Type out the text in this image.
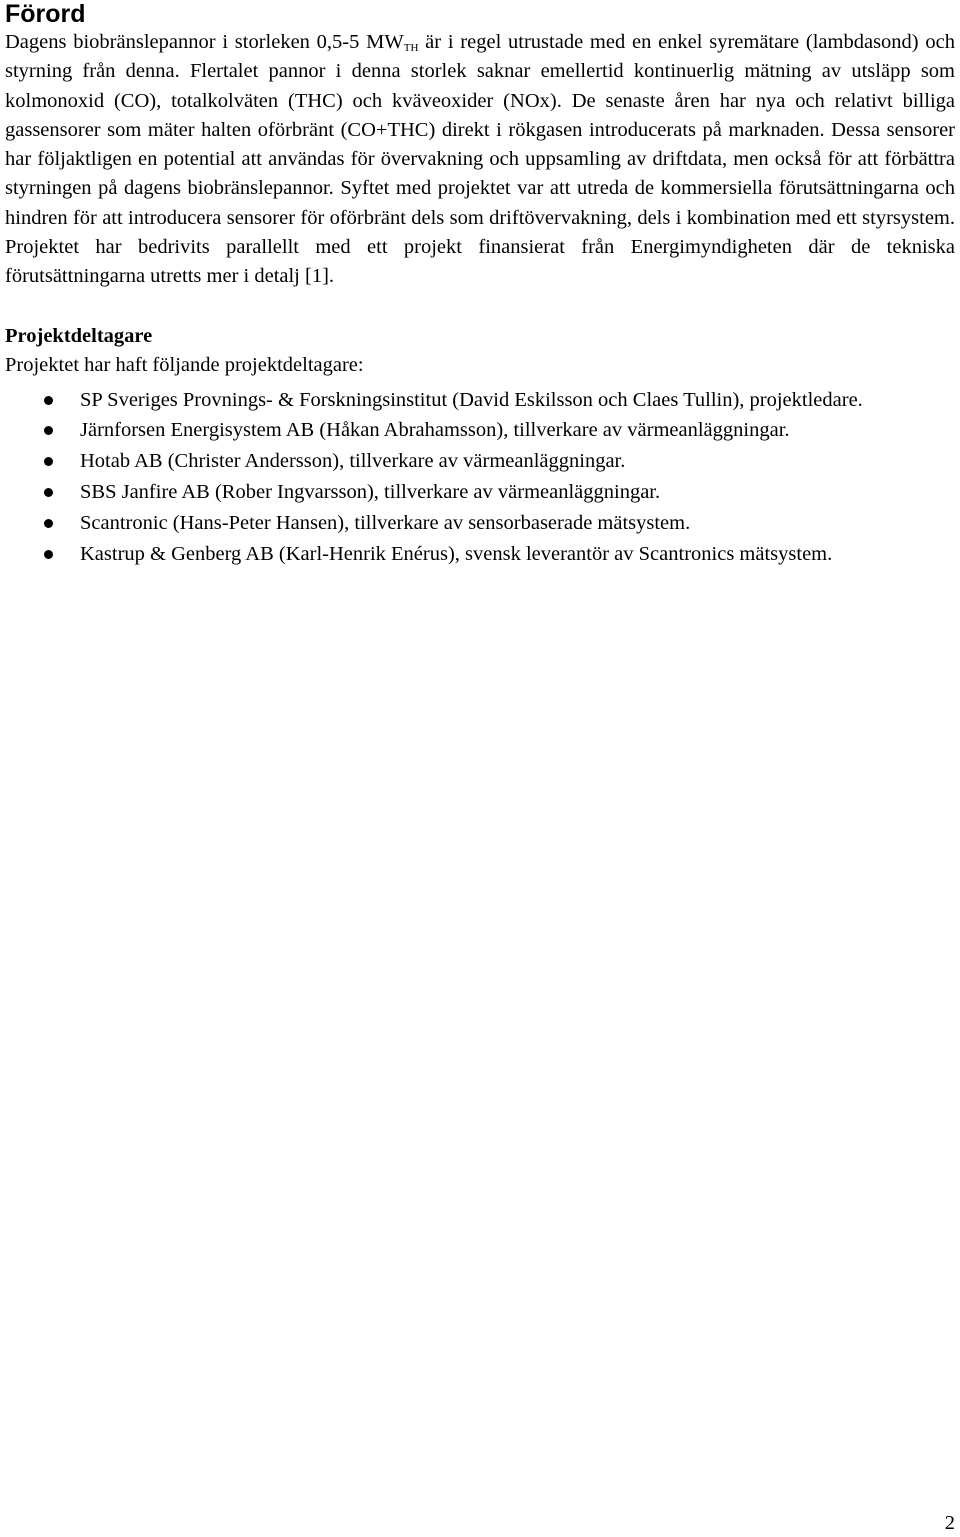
Förord

Dagens biobränslepannor i storleken 0,5-5 $MW_{TH}$ är i regel utrustade med en enkel syremätare (lambdasond) och styrning från denna. Flertalet pannor i denna storlek saknar emellertid kontinuerlig mätning av utsläpp som kolmonoxid (CO), totalkolväten (THC) och kväveoxider (NOx). De senaste åren har nya och relativt billiga gassensorer som mäter halten oförbränt (CO+THC) direkt i rökgasen introducerats på marknaden. Dessa sensorer har följaktligen en potential att användas för övervakning och uppsamling av driftdata, men också för att förbättra styrningen på dagens biobränslepannor. Syftet med projektet var att utreda de kommersiella förutsättningarna och hindren för att introducera sensorer för oförbränt dels som driftövervakning, dels i kombination med ett styrsystem. Projektet har bedrivits parallellt med ett projekt finansierat från Energimyndigheten där de tekniska förutsättningarna utretts mer i detalj [1].

Projektdeltagare

Projektet har haft följande projektdeltagare:

SP Sveriges Provnings- & Forskningsinstitut (David Eskilsson och Claes Tullin), projektledare.
Järnforsen Energisystem AB (Håkan Abrahamsson), tillverkare av värmeanläggningar.
Hotab AB (Christer Andersson), tillverkare av värmeanläggningar.
SBS Janfire AB (Rober Ingvarsson), tillverkare av värmeanläggningar.
Scantronic (Hans-Peter Hansen), tillverkare av sensorbaserade mätsystem.
Kastrup & Genberg AB (Karl-Henrik Enérus), svensk leverantör av Scantronics mätsystem.
2
